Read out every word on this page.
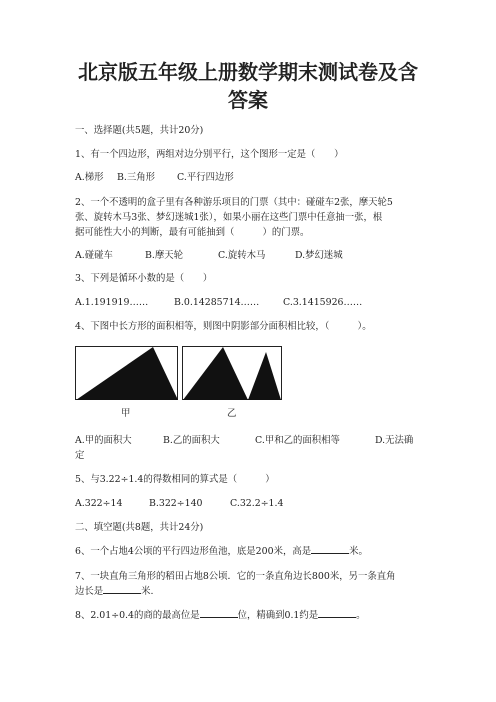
北京版五年级上册数学期末测试卷及含
答案
一、选择题(共5题，共计20分)
1、有一个四边形，两组对边分别平行，这个图形一定是（　　）
A.梯形 B.三角形 C.平行四边形
2、一个不透明的盒子里有各种游乐项目的门票（其中：碰碰车2张，摩天轮5
张、旋转木马3张、梦幻迷城1张），如果小丽在这些门票中任意抽一张，根
据可能性大小的判断，最有可能抽到（　　　）的门票。
A.碰碰车	B.摩天轮	C.旋转木马	D.梦幻迷城
3、下列是循环小数的是（　　）
A.1.191919……	B.0.14285714……	C.3.1415926……
4、下图中长方形的面积相等，则图中阴影部分面积相比较，（　　　）。
甲	乙
A.甲的面积大	B.乙的面积大	C.甲和乙的面积相等	D.无法确
定
5、与3.22÷1.4的得数相同的算式是（　　　）
A.322÷14	B.322÷140	C.32.2÷1.4
二、填空题(共8题，共计24分)
6、一个占地4公顷的平行四边形鱼池，底是200米，高是	米。
7、一块直角三角形的稻田占地8公顷．它的一条直角边长800米，另一条直角
边长是	米.
8、2.01÷0.4的商的最高位是	位，精确到0.1约是	。
